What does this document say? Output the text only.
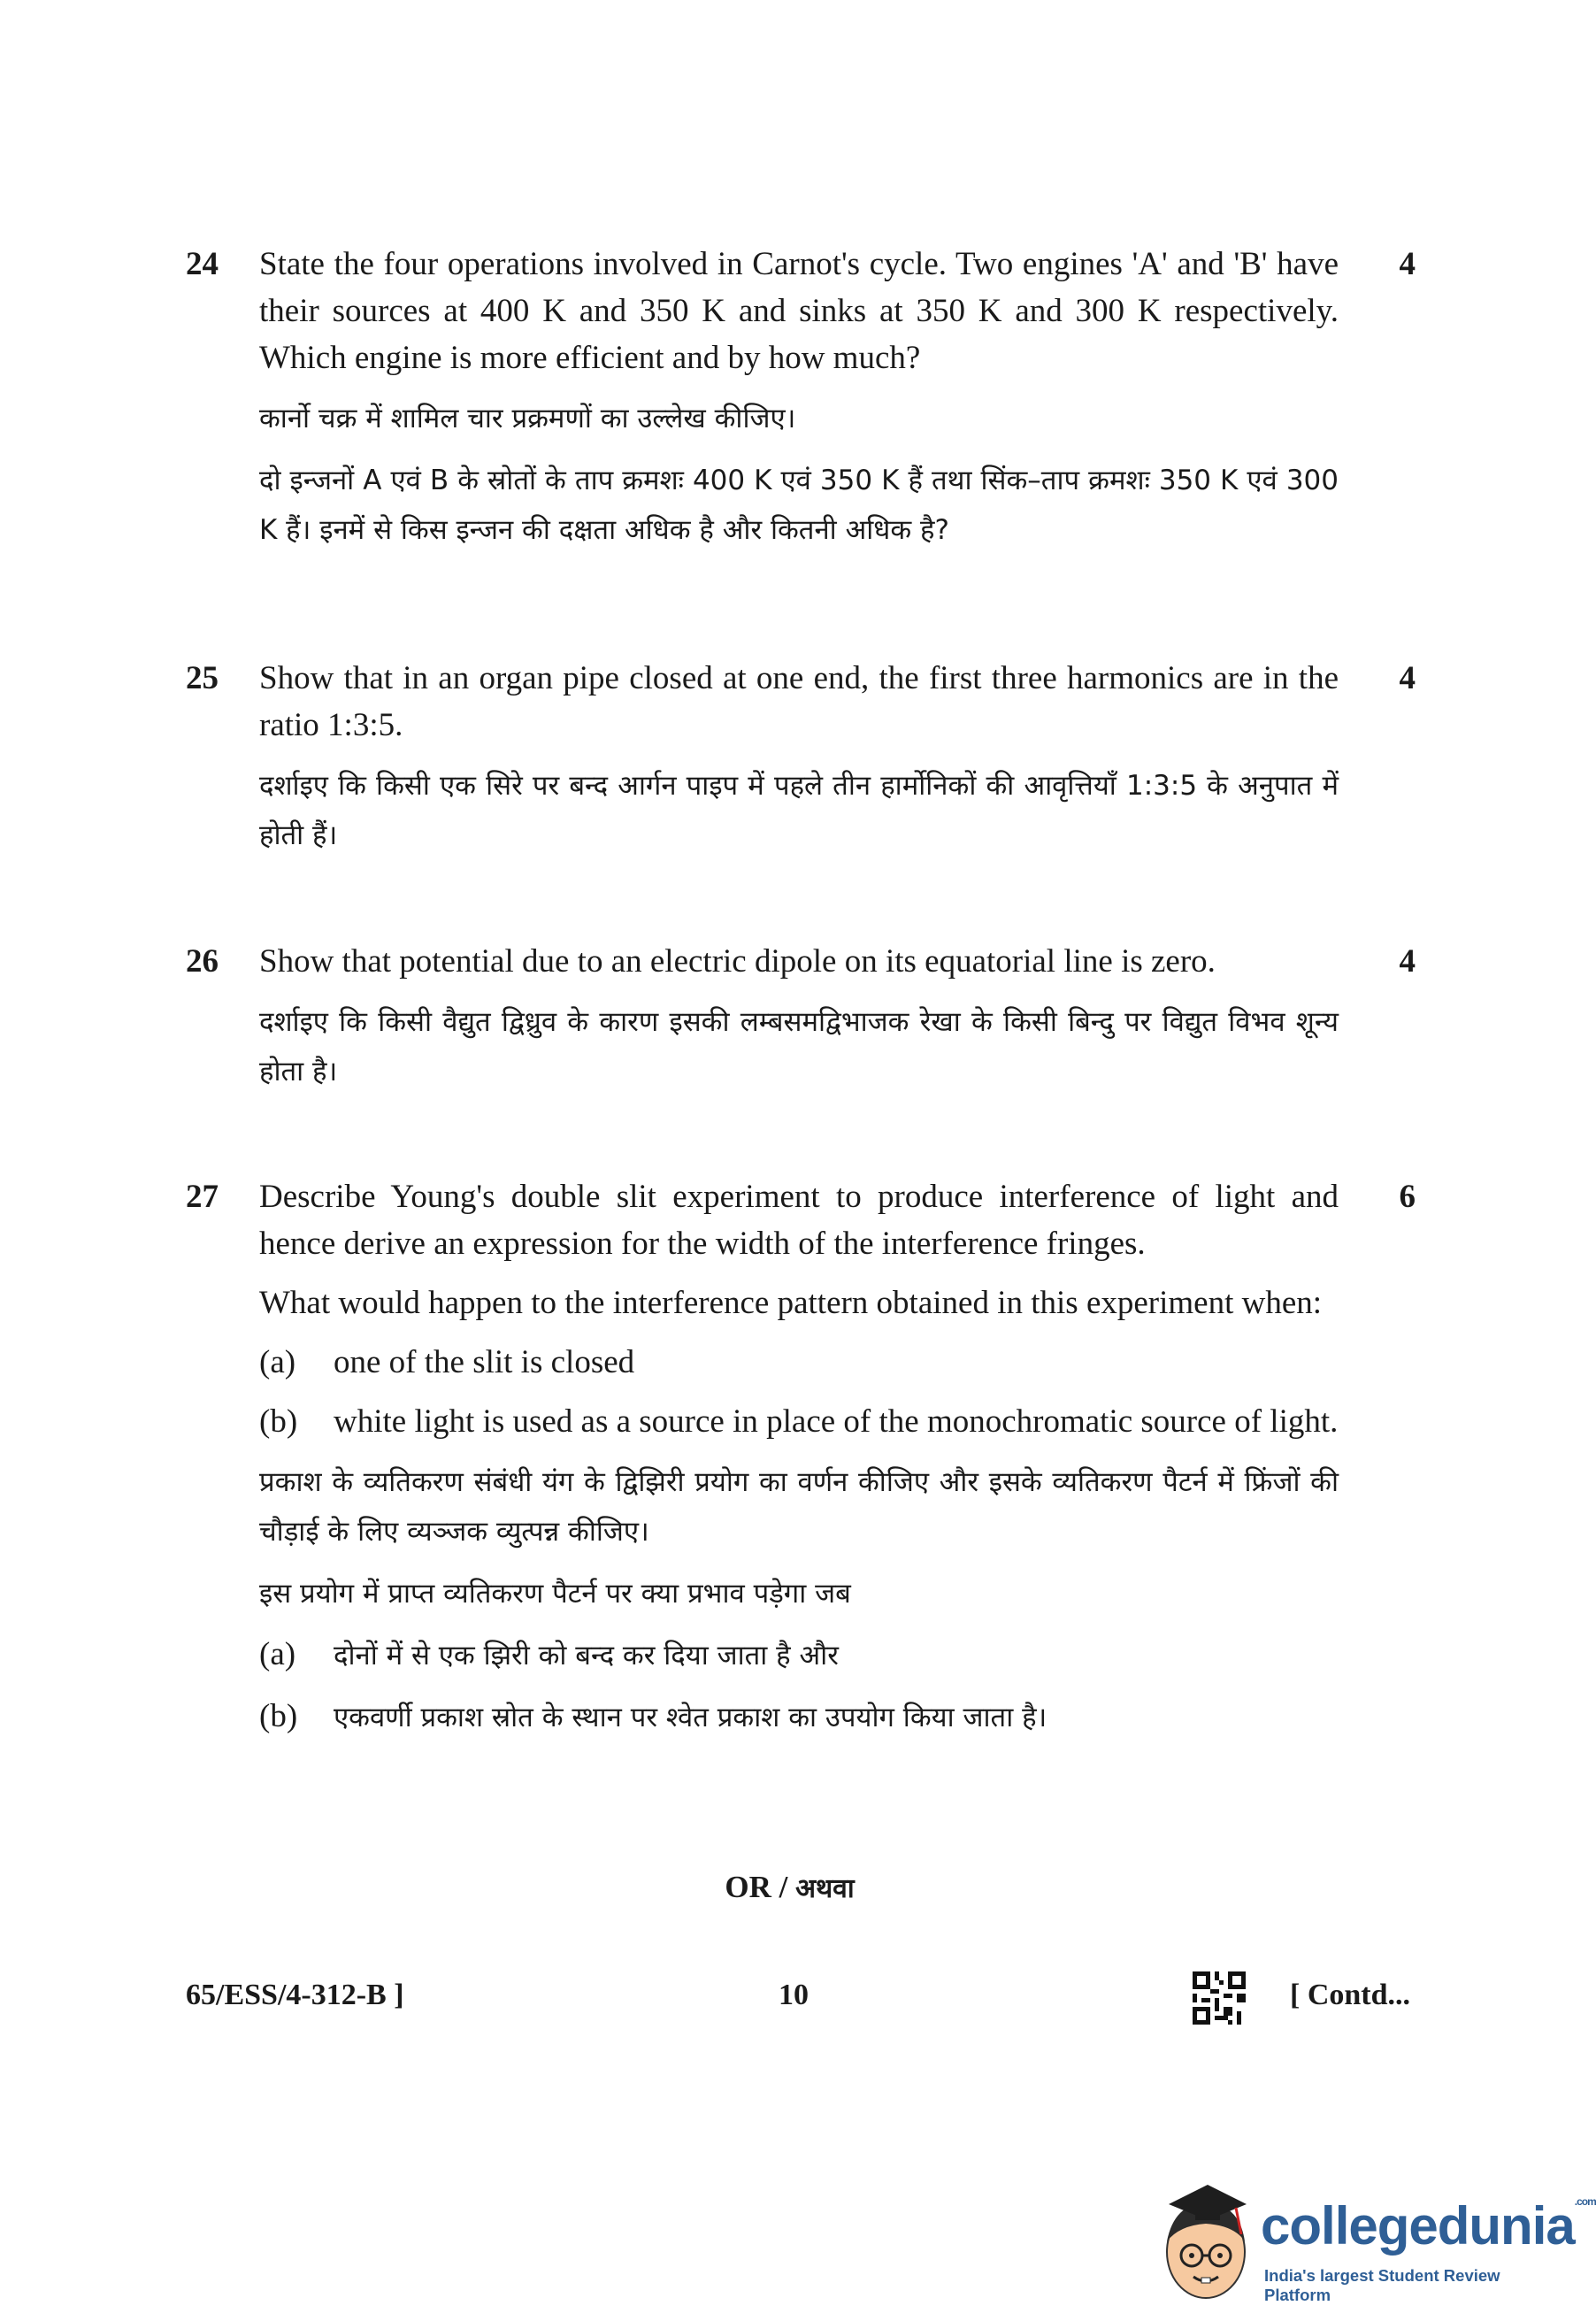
24	4

State the four operations involved in Carnot's cycle. Two engines 'A' and 'B' have their sources at 400 K and 350 K and sinks at 350 K and 300 K respectively. Which engine is more efficient and by how much?

कार्नो चक्र में शामिल चार प्रक्रमणों का उल्लेख कीजिए।

दो इन्जनों A एवं B के स्रोतों के ताप क्रमशः 400 K एवं 350 K हैं तथा सिंक–ताप क्रमशः 350 K एवं 300 K हैं। इनमें से किस इन्जन की दक्षता अधिक है और कितनी अधिक है?

25	4

Show that in an organ pipe closed at one end, the first three harmonics are in the ratio 1:3:5.

दर्शाइए कि किसी एक सिरे पर बन्द आर्गन पाइप में पहले तीन हार्मोनिकों की आवृत्तियाँ 1:3:5 के अनुपात में होती हैं।

26	4

Show that potential due to an electric dipole on its equatorial line is zero.

दर्शाइए कि किसी वैद्युत द्विध्रुव के कारण इसकी लम्बसमद्विभाजक रेखा के किसी बिन्दु पर विद्युत विभव शून्य होता है।

27	6

Describe Young's double slit experiment to produce interference of light and hence derive an expression for the width of the interference fringes.

What would happen to the interference pattern obtained in this experiment when:

(a)	one of the slit is closed
(b)	white light is used as a source in place of the monochromatic source of light.

प्रकाश के व्यतिकरण संबंधी यंग के द्विझिरी प्रयोग का वर्णन कीजिए और इसके व्यतिकरण पैटर्न में फ्रिंजों की चौड़ाई के लिए व्यञ्जक व्युत्पन्न कीजिए।

इस प्रयोग में प्राप्त व्यतिकरण पैटर्न पर क्या प्रभाव पड़ेगा जब

(a)	दोनों में से एक झिरी को बन्द कर दिया जाता है और
(b)	एकवर्णी प्रकाश स्रोत के स्थान पर श्वेत प्रकाश का उपयोग किया जाता है।
OR / अथवा
65/ESS/4-312-B ]	10	[ Contd...
collegedunia$^{.com}$
India's largest Student Review Platform
